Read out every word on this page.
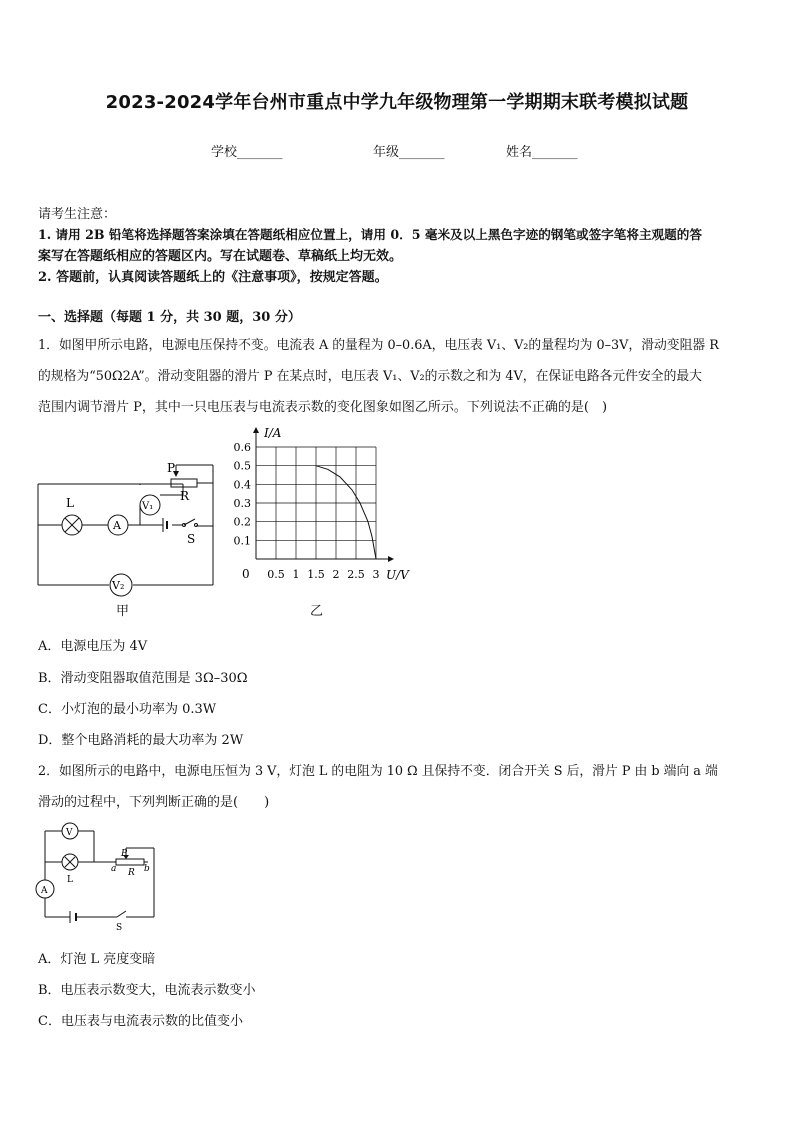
2023-2024学年台州市重点中学九年级物理第一学期期末联考模拟试题
学校_______	年级_______	姓名_______
请考生注意：
1. 请用 2B 铅笔将选择题答案涂填在答题纸相应位置上，请用 0．5 毫米及以上黑色字迹的钢笔或签字笔将主观题的答
案写在答题纸相应的答题区内。写在试题卷、草稿纸上均无效。
2. 答题前，认真阅读答题纸上的《注意事项》，按规定答题。
一、选择题（每题 1 分，共 30 题，30 分）
1．如图甲所示电路，电源电压保持不变。电流表 A 的量程为 0–0.6A，电压表 V₁、V₂的量程均为 0–3V，滑动变阻器 R
的规格为“50Ω2A”。滑动变阻器的滑片 P 在某点时，电压表 V₁、V₂的示数之和为 4V，在保证电路各元件安全的最大
范围内调节滑片 P，其中一只电压表与电流表示数的变化图象如图乙所示。下列说法不正确的是(　)
P
R
L
A
V₁
S
V₂
甲
0.5 1 1.5 2 2.5 3
0.1
0.2
0.3
0.4
0.5
0.6
I/A
U/V
0
乙
A．电源电压为 4V
B．滑动变阻器取值范围是 3Ω–30Ω
C．小灯泡的最小功率为 0.3W
D．整个电路消耗的最大功率为 2W
2．如图所示的电路中，电源电压恒为 3 V，灯泡 L 的电阻为 10 Ω 且保持不变．闭合开关 S 后，滑片 P 由 b 端向 a 端
滑动的过程中，下列判断正确的是(　　)
V
L
A
P
R
a	b
S
A．灯泡 L 亮度变暗
B．电压表示数变大，电流表示数变小
C．电压表与电流表示数的比值变小
